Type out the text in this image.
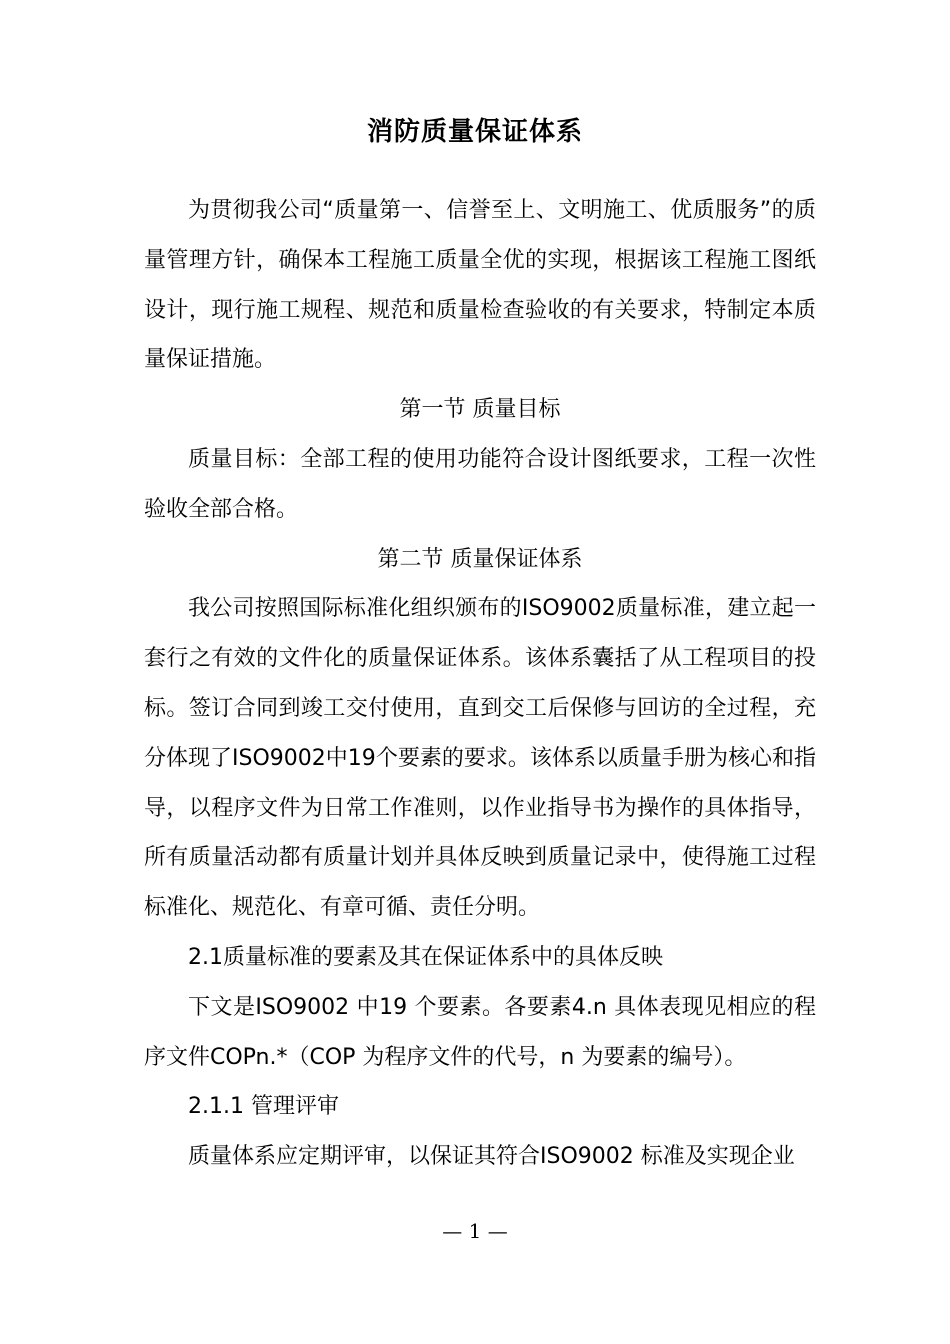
消防质量保证体系

为贯彻我公司“质量第一、信誉至上、文明施工、优质服务”的质量管理方针，确保本工程施工质量全优的实现，根据该工程施工图纸设计，现行施工规程、规范和质量检查验收的有关要求，特制定本质量保证措施。

第一节 质量目标

质量目标：全部工程的使用功能符合设计图纸要求，工程一次性验收全部合格。

第二节 质量保证体系

我公司按照国际标准化组织颁布的ISO9002质量标准，建立起一套行之有效的文件化的质量保证体系。该体系囊括了从工程项目的投标。签订合同到竣工交付使用，直到交工后保修与回访的全过程，充分体现了ISO9002中19个要素的要求。该体系以质量手册为核心和指导，以程序文件为日常工作准则，以作业指导书为操作的具体指导，所有质量活动都有质量计划并具体反映到质量记录中，使得施工过程标准化、规范化、有章可循、责任分明。

2.1质量标准的要素及其在保证体系中的具体反映

下文是ISO9002 中19 个要素。各要素4.n 具体表现见相应的程序文件COPn.*（COP 为程序文件的代号，n 为要素的编号）。

2.1.1 管理评审

质量体系应定期评审，以保证其符合ISO9002 标准及实现企业

— 1 —
